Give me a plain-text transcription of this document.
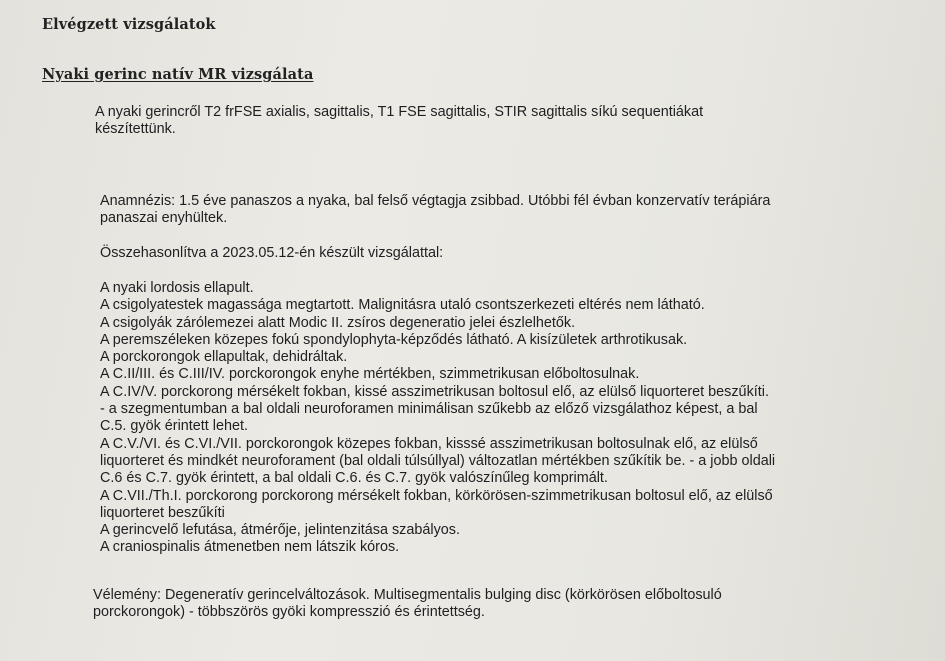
Elvégzett vizsgálatok
Nyaki gerinc natív MR vizsgálata
A nyaki gerincről T2 frFSE axialis, sagittalis, T1 FSE sagittalis, STIR sagittalis síkú sequentiákat
készítettünk.
Anamnézis: 1.5 éve panaszos a nyaka, bal felső végtagja zsibbad. Utóbbi fél évban konzervatív terápiára
panaszai enyhültek.
Összehasonlítva a 2023.05.12-én készült vizsgálattal:
A nyaki lordosis ellapult.
A csigolyatestek magassága megtartott. Malignitásra utaló csontszerkezeti eltérés nem látható.
A csigolyák zárólemezei alatt Modic II. zsíros degeneratio jelei észlelhetők.
A peremszéleken közepes fokú spondylophyta-képződés látható. A kisízületek arthrotikusak.
A porckorongok ellapultak, dehidráltak.
A C.II/III. és C.III/IV. porckorongok enyhe mértékben, szimmetrikusan előboltosulnak.
A C.IV/V. porckorong mérsékelt fokban, kissé asszimetrikusan boltosul elő, az elülső liquorteret beszűkíti.
- a szegmentumban a bal oldali neuroforamen minimálisan szűkebb az előző vizsgálathoz képest, a bal
C.5. gyök érintett lehet.
A C.V./VI. és C.VI./VII. porckorongok közepes fokban, kisssé asszimetrikusan boltosulnak elő, az elülső
liquorteret és mindkét neuroforament (bal oldali túlsúllyal) változatlan mértékben szűkítik be. - a jobb oldali
C.6 és C.7. gyök érintett, a bal oldali C.6. és C.7. gyök valószínűleg komprimált.
A C.VII./Th.I. porckorong porckorong mérsékelt fokban, körkörösen-szimmetrikusan boltosul elő, az elülső
liquorteret beszűkíti
A gerincvelő lefutása, átmérője, jelintenzitása szabályos.
A craniospinalis átmenetben nem látszik kóros.
Vélemény: Degeneratív gerincelváltozások. Multisegmentalis bulging disc (körkörösen előboltosuló
porckorongok) - többszörös gyöki kompresszió és érintettség.
